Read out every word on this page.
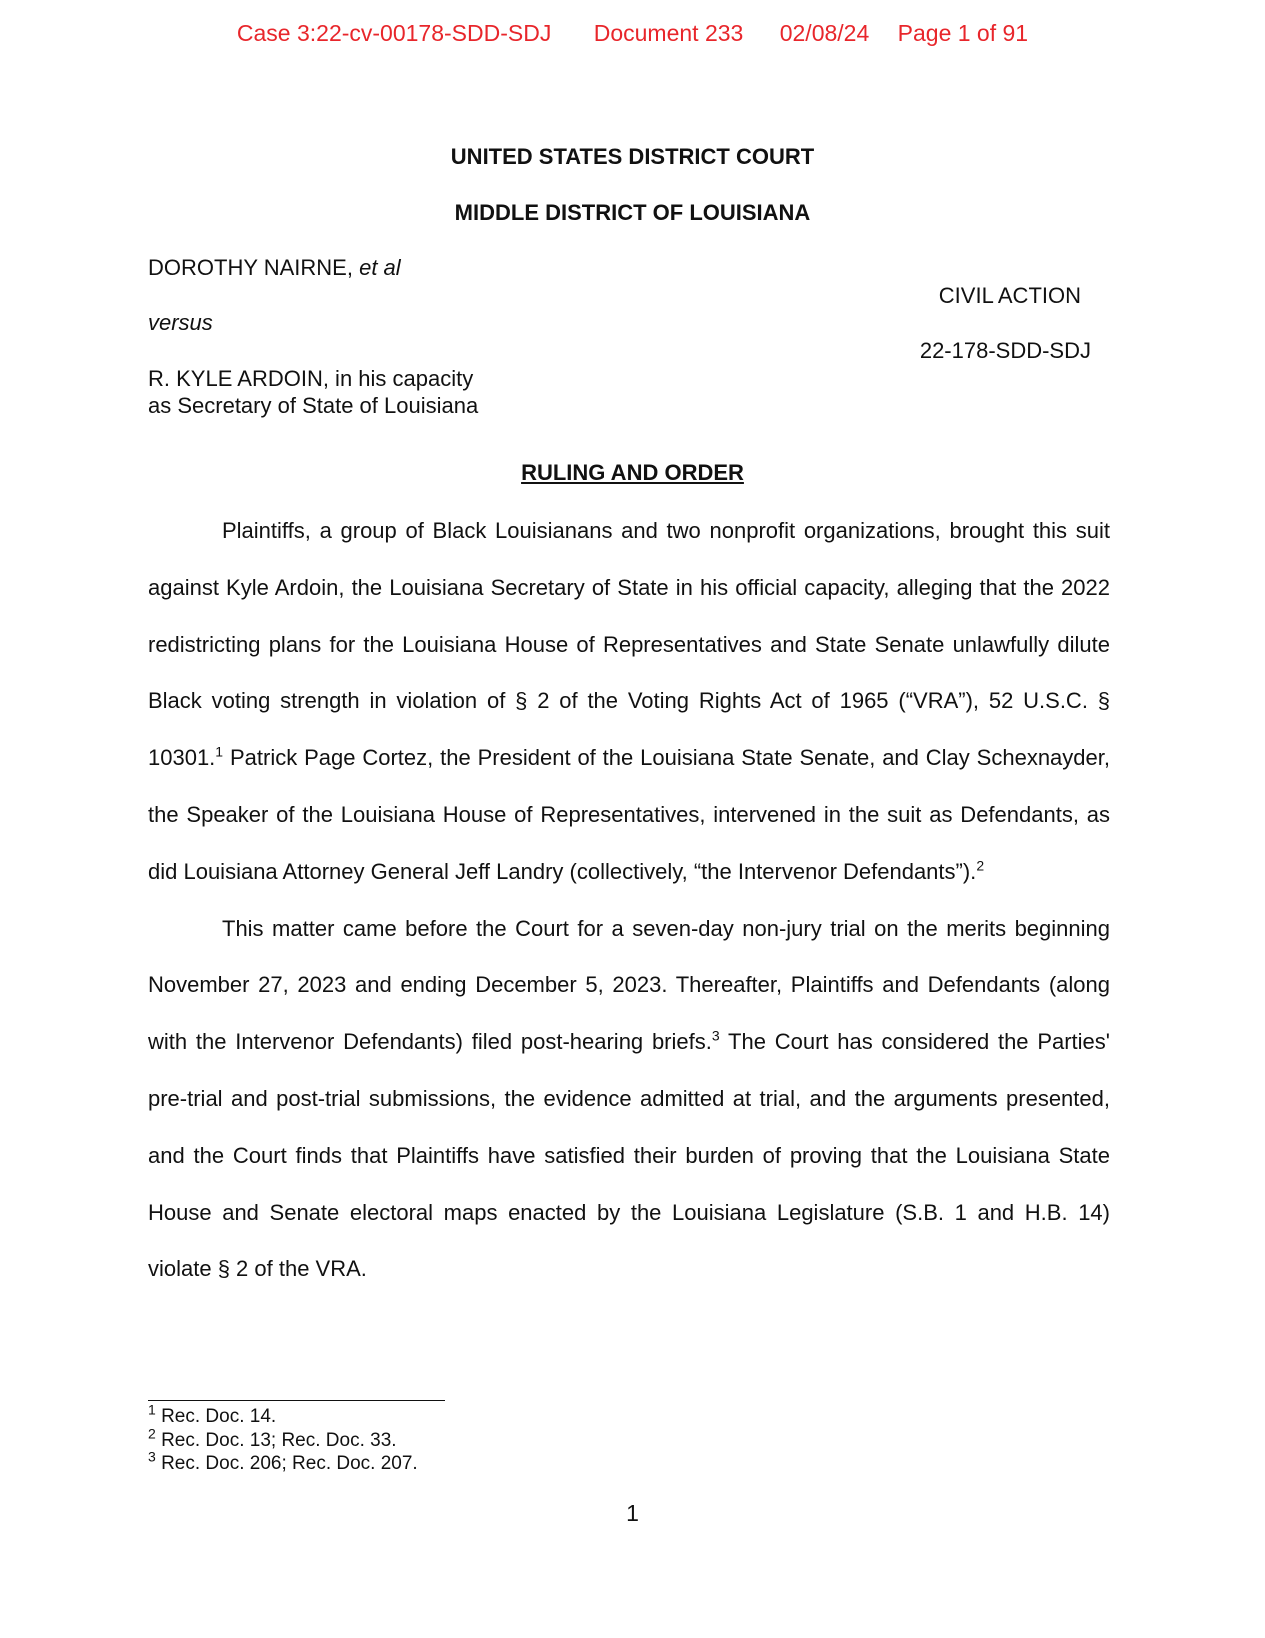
Case 3:22-cv-00178-SDD-SDJ Document 233 02/08/24 Page 1 of 91
UNITED STATES DISTRICT COURT
MIDDLE DISTRICT OF LOUISIANA
DOROTHY NAIRNE, et al
versus
R. KYLE ARDOIN, in his capacity
as Secretary of State of Louisiana
CIVIL ACTION
22-178-SDD-SDJ
RULING AND ORDER

Plaintiffs, a group of Black Louisianans and two nonprofit organizations, brought this suit against Kyle Ardoin, the Louisiana Secretary of State in his official capacity, alleging that the 2022 redistricting plans for the Louisiana House of Representatives and State Senate unlawfully dilute Black voting strength in violation of § 2 of the Voting Rights Act of 1965 (“VRA”), 52 U.S.C. § 10301.$^1$ Patrick Page Cortez, the President of the Louisiana State Senate, and Clay Schexnayder, the Speaker of the Louisiana House of Representatives, intervened in the suit as Defendants, as did Louisiana Attorney General Jeff Landry (collectively, “the Intervenor Defendants”).$^2$

This matter came before the Court for a seven-day non-jury trial on the merits beginning November 27, 2023 and ending December 5, 2023. Thereafter, Plaintiffs and Defendants (along with the Intervenor Defendants) filed post-hearing briefs.$^3$ The Court has considered the Parties' pre-trial and post-trial submissions, the evidence admitted at trial, and the arguments presented, and the Court finds that Plaintiffs have satisfied their burden of proving that the Louisiana State House and Senate electoral maps enacted by the Louisiana Legislature (S.B. 1 and H.B. 14) violate § 2 of the VRA.

$^1$ Rec. Doc. 14.
$^2$ Rec. Doc. 13; Rec. Doc. 33.
$^3$ Rec. Doc. 206; Rec. Doc. 207.
1
